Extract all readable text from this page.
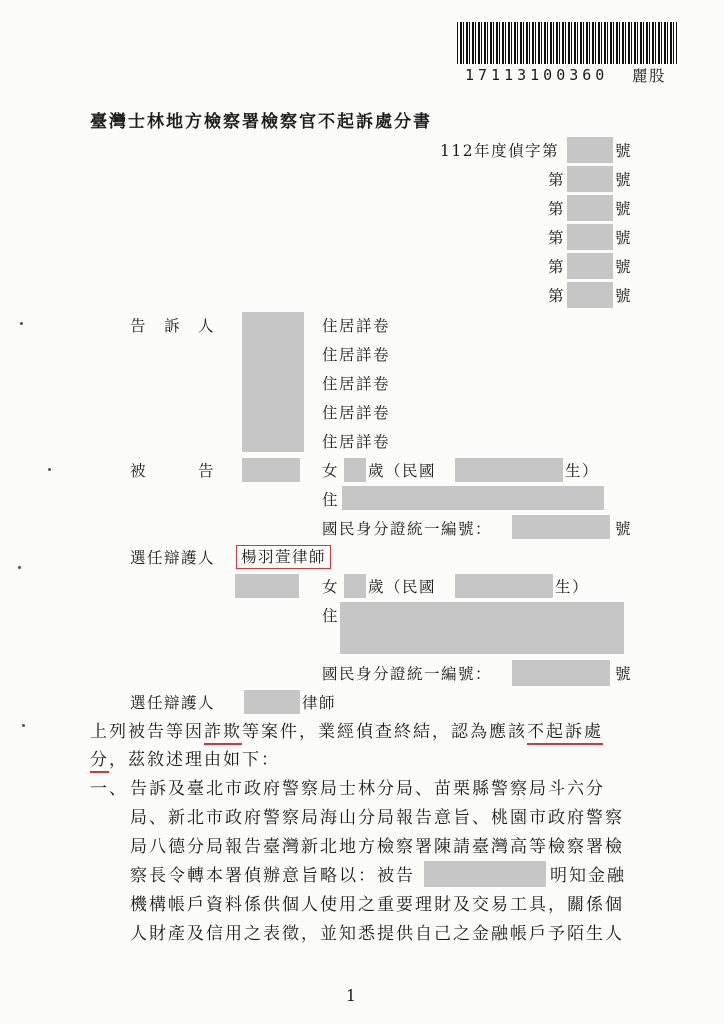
17113100360 麗股
臺灣士林地方檢察署檢察官不起訴處分書
112年度偵字第	號
第	號
第	號
第	號
第	號
第	號
告　訴　人	住居詳卷
住居詳卷
住居詳卷
住居詳卷
住居詳卷
被　　　告	女 歲（民國	生）
住
國民身分證統一編號：	號
選任辯護人	楊羽萱律師
女 歲（民國	生）
住
國民身分證統一編號：	號
選任辯護人	律師
上列被告等因詐欺等案件，業經偵查終結，認為應該不起訴處
分，茲敘述理由如下：
一、 告訴及臺北市政府警察局士林分局、苗栗縣警察局斗六分
局、新北市政府警察局海山分局報告意旨、桃園市政府警察
局八德分局報告臺灣新北地方檢察署陳請臺灣高等檢察署檢
察長令轉本署偵辦意旨略以：被告	明知金融
機構帳戶資料係供個人使用之重要理財及交易工具，關係個
人財產及信用之表徵，並知悉提供自己之金融帳戶予陌生人
1
